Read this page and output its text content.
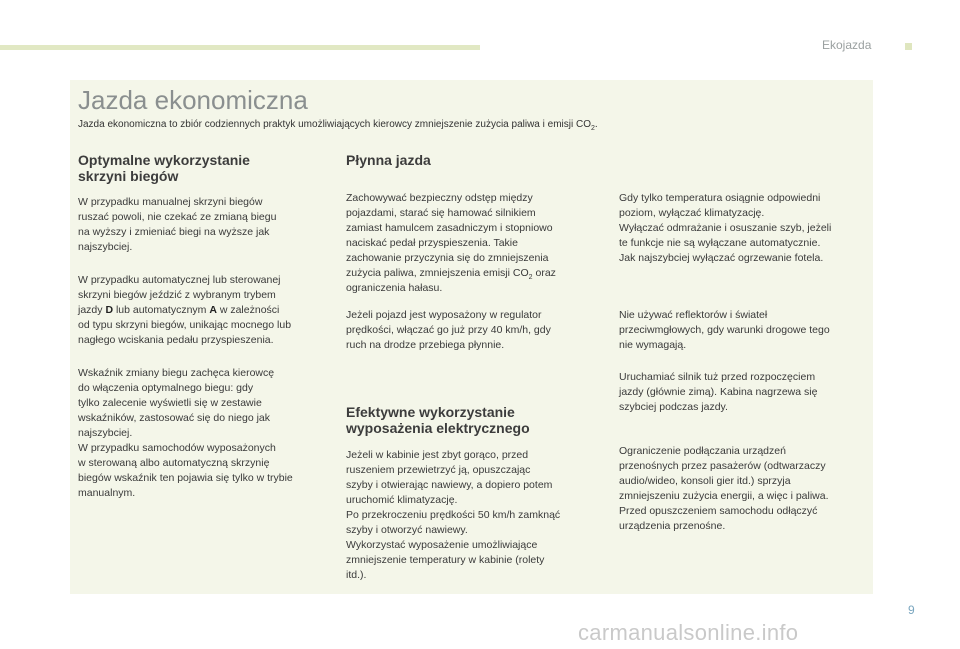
Ekojazda
Jazda ekonomiczna

Jazda ekonomiczna to zbiór codziennych praktyk umożliwiających kierowcy zmniejszenie zużycia paliwa i emisji $CO_2$.

Optymalne wykorzystanie
skrzyni biegów

W przypadku manualnej skrzyni biegów
ruszać powoli, nie czekać ze zmianą biegu
na wyższy i zmieniać biegi na wyższe jak
najszybciej.

W przypadku automatycznej lub sterowanej
skrzyni biegów jeździć z wybranym trybem
jazdy D lub automatycznym A w zależności
od typu skrzyni biegów, unikając mocnego lub
nagłego wciskania pedału przyspieszenia.

Wskaźnik zmiany biegu zachęca kierowcę
do włączenia optymalnego biegu: gdy
tylko zalecenie wyświetli się w zestawie
wskaźników, zastosować się do niego jak
najszybciej.
W przypadku samochodów wyposażonych
w sterowaną albo automatyczną skrzynię
biegów wskaźnik ten pojawia się tylko w trybie
manualnym.

Płynna jazda

Zachowywać bezpieczny odstęp między
pojazdami, starać się hamować silnikiem
zamiast hamulcem zasadniczym i stopniowo
naciskać pedał przyspieszenia. Takie
zachowanie przyczynia się do zmniejszenia
zużycia paliwa, zmniejszenia emisji $CO_2$ oraz
ograniczenia hałasu.

Jeżeli pojazd jest wyposażony w regulator
prędkości, włączać go już przy 40 km/h, gdy
ruch na drodze przebiega płynnie.

Efektywne wykorzystanie
wyposażenia elektrycznego

Jeżeli w kabinie jest zbyt gorąco, przed
ruszeniem przewietrzyć ją, opuszczając
szyby i otwierając nawiewy, a dopiero potem
uruchomić klimatyzację.
Po przekroczeniu prędkości 50 km/h zamknąć
szyby i otworzyć nawiewy.
Wykorzystać wyposażenie umożliwiające
zmniejszenie temperatury w kabinie (rolety
itd.).

Gdy tylko temperatura osiągnie odpowiedni
poziom, wyłączać klimatyzację.
Wyłączać odmrażanie i osuszanie szyb, jeżeli
te funkcje nie są wyłączane automatycznie.
Jak najszybciej wyłączać ogrzewanie fotela.

Nie używać reflektorów i świateł
przeciwmgłowych, gdy warunki drogowe tego
nie wymagają.

Uruchamiać silnik tuż przed rozpoczęciem
jazdy (głównie zimą). Kabina nagrzewa się
szybciej podczas jazdy.

Ograniczenie podłączania urządzeń
przenośnych przez pasażerów (odtwarzaczy
audio/wideo, konsoli gier itd.) sprzyja
zmniejszeniu zużycia energii, a więc i paliwa.
Przed opuszczeniem samochodu odłączyć
urządzenia przenośne.

9
carmanualsonline.info
